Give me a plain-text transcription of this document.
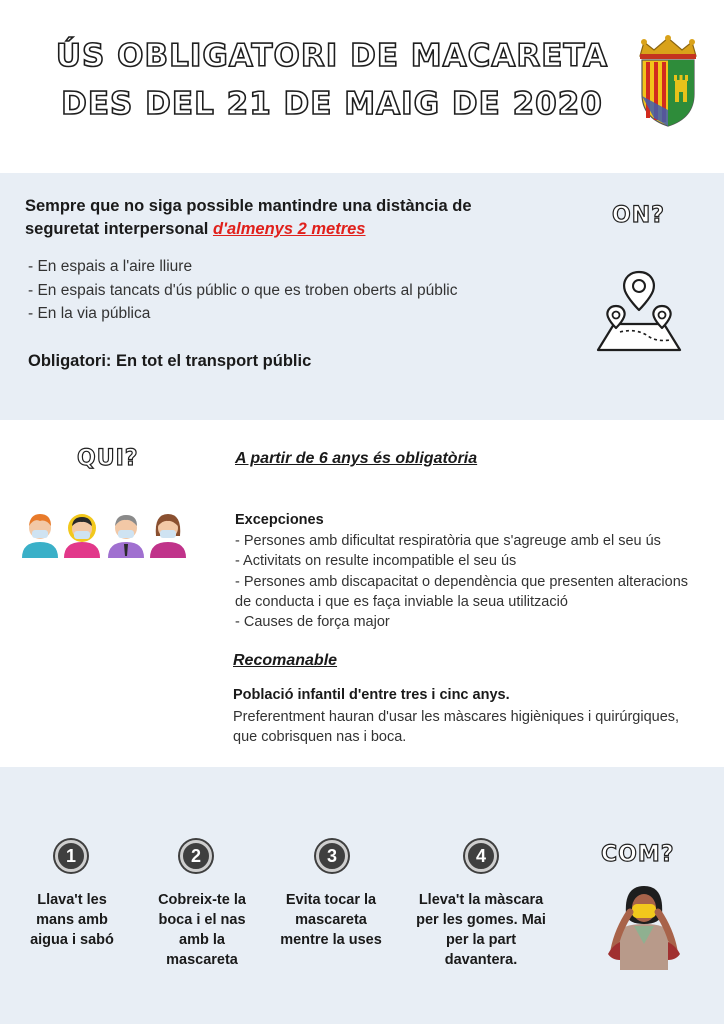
ÚS OBLIGATORI DE MACARETA
DES DEL 21 DE MAIG DE 2020
Sempre que no siga possible mantindre una distància de seguretat interpersonal d'almenys 2 metres
- En espais a l'aire lliure
- En espais tancats d'ús públic o que es troben oberts al públic
- En la via pública
Obligatori: En tot el transport públic
ON?
QUI?	A partir de 6 anys és obligatòria
Excepciones
- Persones amb dificultat respiratòria que s'agreuge amb el seu ús
- Activitats on resulte incompatible el seu ús
- Persones amb discapacitat o dependència que presenten alteracions de conducta i que es faça inviable la seua utilització
- Causes de força major
Recomanable
Població infantil d'entre tres i cinc anys.
Preferentment hauran d'usar les màscares higièniques i quirúrgiques, que cobrisquen nas i boca.
1	2	3	4
Llava't les mans amb aigua i sabó
Cobreix-te la boca i el nas amb la mascareta
Evita tocar la mascareta mentre la uses
Lleva't la màscara per les gomes. Mai per la part davantera.
COM?
